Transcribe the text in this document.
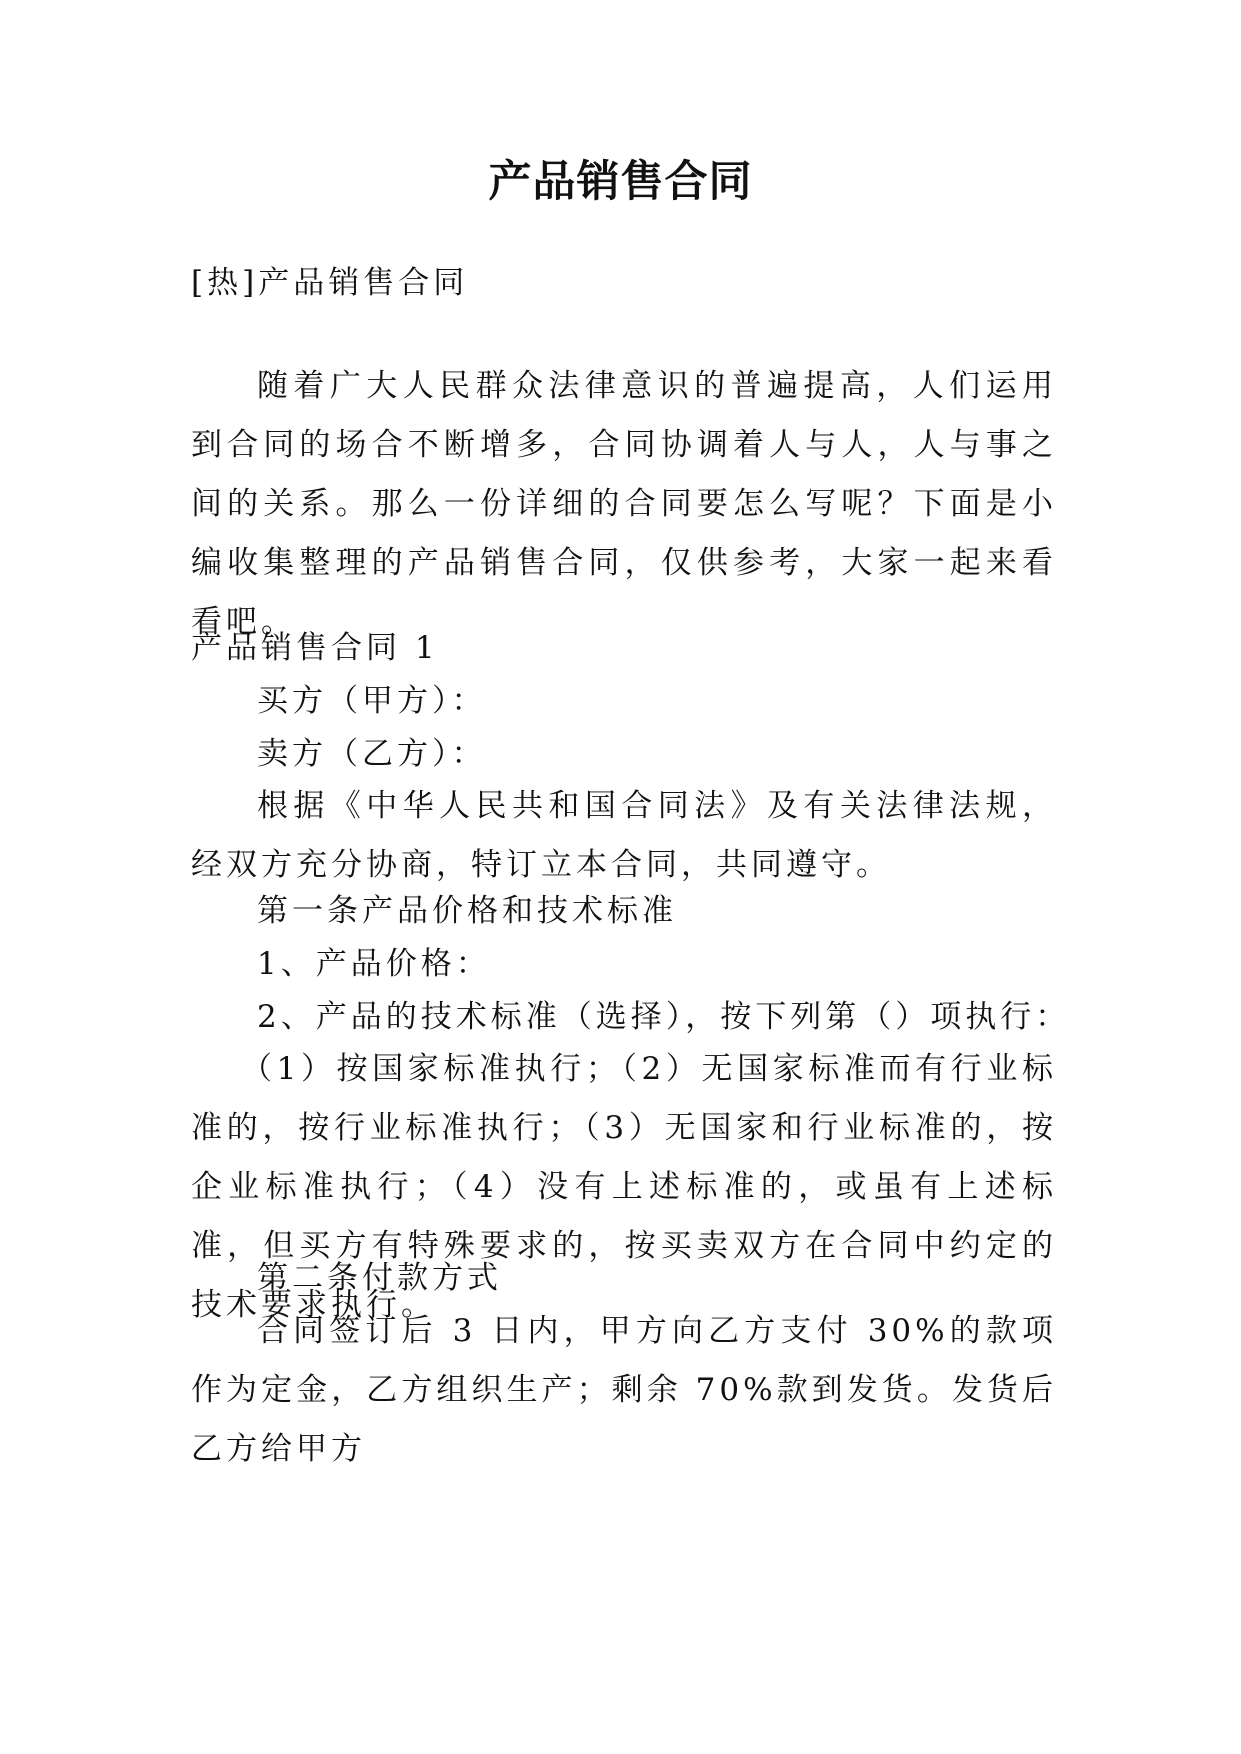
产品销售合同
[热]产品销售合同

随着广大人民群众法律意识的普遍提高，人们运用到合同的场合不断增多，合同协调着人与人，人与事之间的关系。那么一份详细的合同要怎么写呢？下面是小编收集整理的产品销售合同，仅供参考，大家一起来看看吧。

产品销售合同 1
买方（甲方）：
卖方（乙方）：

根据《中华人民共和国合同法》及有关法律法规，经双方充分协商，特订立本合同，共同遵守。

第一条产品价格和技术标准
1、产品价格：
2、产品的技术标准（选择），按下列第（）项执行：

（1）按国家标准执行；（2）无国家标准而有行业标准的，按行业标准执行；（3）无国家和行业标准的，按企业标准执行；（4）没有上述标准的，或虽有上述标准，但买方有特殊要求的，按买卖双方在合同中约定的技术要求执行。

第二条付款方式

合同签订后 3 日内，甲方向乙方支付 30%的款项作为定金，乙方组织生产；剩余 70%款到发货。发货后乙方给甲方
